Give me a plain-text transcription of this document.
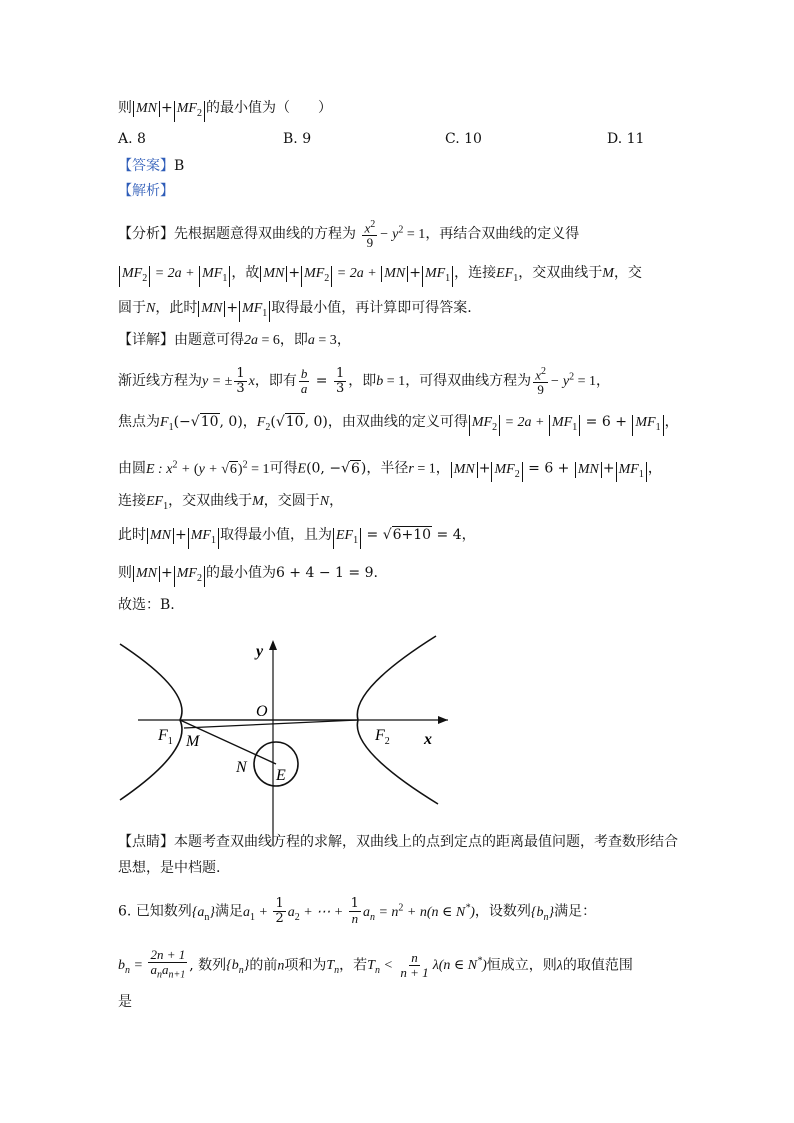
则 MN + $MF_2$ 的最小值为（　　）
A. 8	B. 9	C. 10	D. 11
【答案】B
【解析】
【分析】先根据题意得双曲线的方程为 $\frac{x^2}{9} - y^2 = 1$，再结合双曲线的定义得
$MF_2 = 2a + MF_1$ ，故 MN + $MF_2 = 2a$ + MN + $MF_1$ ，连接$EF_1$，交双曲线于M，交
圆于N，此时 MN + $MF_1$ 取得最小值，再计算即可得答案.
【详解】由题意可得2a = 6，即a = 3，
渐近线方程为y = ± $\frac{1}{3}$ x，即有 $\frac{b}{a} = \frac{1}{3}$ ，即b = 1，可得双曲线方程为 $\frac{x^2}{9} - y^2 = 1$，
焦点为$F_1(-√10$, 0)，$F_2(√10$, 0)，由双曲线的定义可得 $MF_2 = 2a + MF_1 = 6 + MF_1$ ，
由圆E : $x^2 + (y + √6)^2 = 1$可得E(0, −√6)，半径r = 1， MN + $MF_2 = 6$ + MN + $MF_1$ ，
连接$EF_1$，交双曲线于M，交圆于N，
此时 MN + $MF_1$ 取得最小值，且为 $EF_1 = √6+10 = 4$，
则 MN + $MF_2$ 的最小值为6 + 4 − 1 = 9.
故选：B.
y
O
x
$F_1$	$F_2$
M
N E
【点睛】本题考查双曲线方程的求解，双曲线上的点到定点的距离最值问题，考查数形结合
思想，是中档题.
6. 已知数列$\{a_n\}$满足$a_1 + \frac{1}{2} a_2$ + ⋯ + $\frac{1}{n} a_n = n^2 + n(n$ ∈ N*)，设数列$\{b_n\}$满足：
$b_n = \frac{2n + 1}{a_na_{n+1}}$ , 数列$\{b_n\}$的前n项和为$T_n$，若$T_n < \frac{n}{n + 1} \lambda(n$ ∈ N*)恒成立，则λ的取值范围
是
